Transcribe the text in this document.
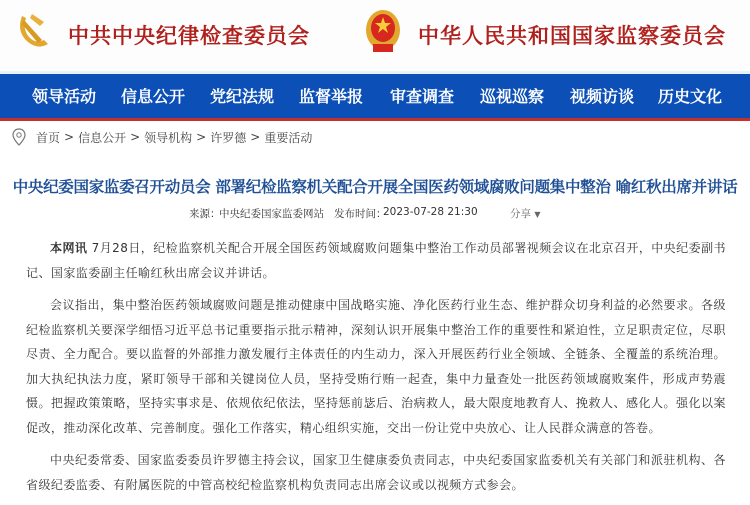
中共中央纪律检查委员会	中华人民共和国国家监察委员会
领导活动 信息公开 党纪法规 监督举报 审查调查 巡视巡察 视频访谈 历史文化
首页 > 信息公开 > 领导机构 > 许罗德 > 重要活动
中央纪委国家监委召开动员会 部署纪检监察机关配合开展全国医药领域腐败问题集中整治 喻红秋出席并讲话
来源：
中央纪委国家监委网站 发布时间：
2023-07-28 21:30	分享 ▼

本网讯 7月28日，纪检监察机关配合开展全国医药领域腐败问题集中整治工作动员部署视频会议在北京召开，中央纪委副书记、国家监委副主任喻红秋出席会议并讲话。

会议指出，集中整治医药领域腐败问题是推动健康中国战略实施、净化医药行业生态、维护群众切身利益的必然要求。各级纪检监察机关要深学细悟习近平总书记重要指示批示精神，深刻认识开展集中整治工作的重要性和紧迫性，立足职责定位，尽职尽责、全力配合。要以监督的外部推力激发履行主体责任的内生动力，深入开展医药行业全领域、全链条、全覆盖的系统治理。加大执纪执法力度，紧盯领导干部和关键岗位人员，坚持受贿行贿一起查，集中力量查处一批医药领域腐败案件，形成声势震慑。把握政策策略，坚持实事求是、依规依纪依法，坚持惩前毖后、治病救人，最大限度地教育人、挽救人、感化人。强化以案促改，推动深化改革、完善制度。强化工作落实，精心组织实施，交出一份让党中央放心、让人民群众满意的答卷。

中央纪委常委、国家监委委员许罗德主持会议，国家卫生健康委负责同志，中央纪委国家监委机关有关部门和派驻机构、各省级纪委监委、有附属医院的中管高校纪检监察机构负责同志出席会议或以视频方式参会。
